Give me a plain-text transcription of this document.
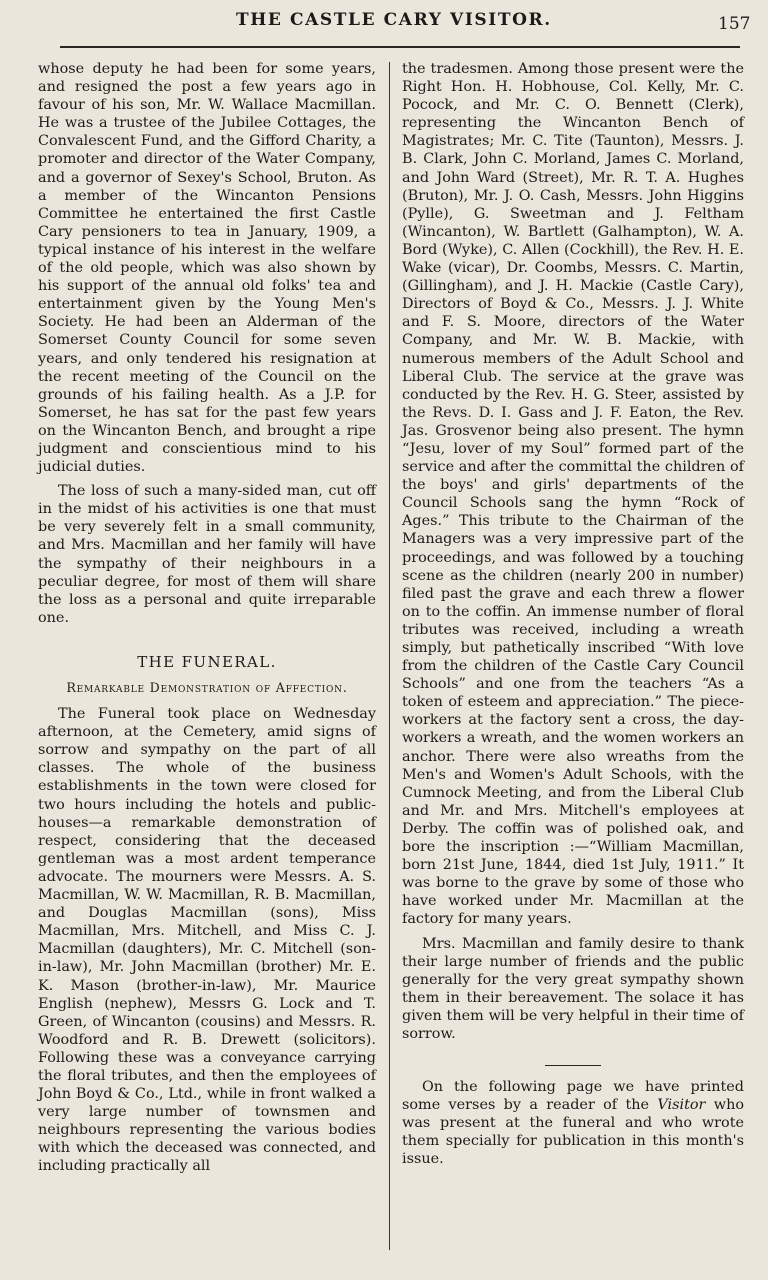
THE CASTLE CARY VISITOR.	157

whose deputy he had been for some years, and resigned the post a few years ago in favour of his son, Mr. W. Wallace Macmillan. He was a trustee of the Jubilee Cottages, the Convalescent Fund, and the Gifford Charity, a promoter and director of the Water Company, and a governor of Sexey's School, Bruton. As a member of the Wincanton Pensions Committee he entertained the first Castle Cary pensioners to tea in January, 1909, a typical instance of his interest in the welfare of the old people, which was also shown by his support of the annual old folks' tea and entertainment given by the Young Men's Society. He had been an Alderman of the Somerset County Council for some seven years, and only tendered his resignation at the recent meeting of the Council on the grounds of his failing health. As a J.P. for Somerset, he has sat for the past few years on the Wincanton Bench, and brought a ripe judgment and conscientious mind to his judicial duties.

The loss of such a many-sided man, cut off in the midst of his activities is one that must be very severely felt in a small community, and Mrs. Macmillan and her family will have the sympathy of their neighbours in a peculiar degree, for most of them will share the loss as a personal and quite irreparable one.

THE FUNERAL.
Remarkable Demonstration of Affection.

The Funeral took place on Wednesday afternoon, at the Cemetery, amid signs of sorrow and sympathy on the part of all classes. The whole of the business establishments in the town were closed for two hours including the hotels and public-houses—a remarkable demonstration of respect, considering that the deceased gentleman was a most ardent temperance advocate. The mourners were Messrs. A. S. Macmillan, W. W. Macmillan, R. B. Macmillan, and Douglas Macmillan (sons), Miss Macmillan, Mrs. Mitchell, and Miss C. J. Macmillan (daughters), Mr. C. Mitchell (son-in-law), Mr. John Macmillan (brother) Mr. E. K. Mason (brother-in-law), Mr. Maurice English (nephew), Messrs G. Lock and T. Green, of Wincanton (cousins) and Messrs. R. Woodford and R. B. Drewett (solicitors). Following these was a conveyance carrying the floral tributes, and then the employees of John Boyd & Co., Ltd., while in front walked a very large number of townsmen and neighbours representing the various bodies with which the deceased was connected, and including practically all

the tradesmen. Among those present were the Right Hon. H. Hobhouse, Col. Kelly, Mr. C. Pocock, and Mr. C. O. Bennett (Clerk), representing the Wincanton Bench of Magistrates; Mr. C. Tite (Taunton), Messrs. J. B. Clark, John C. Morland, James C. Morland, and John Ward (Street), Mr. R. T. A. Hughes (Bruton), Mr. J. O. Cash, Messrs. John Higgins (Pylle), G. Sweetman and J. Feltham (Wincanton), W. Bartlett (Galhampton), W. A. Bord (Wyke), C. Allen (Cockhill), the Rev. H. E. Wake (vicar), Dr. Coombs, Messrs. C. Martin, (Gillingham), and J. H. Mackie (Castle Cary), Directors of Boyd & Co., Messrs. J. J. White and F. S. Moore, directors of the Water Company, and Mr. W. B. Mackie, with numerous members of the Adult School and Liberal Club. The service at the grave was conducted by the Rev. H. G. Steer, assisted by the Revs. D. I. Gass and J. F. Eaton, the Rev. Jas. Grosvenor being also present. The hymn “Jesu, lover of my Soul” formed part of the service and after the committal the children of the boys' and girls' departments of the Council Schools sang the hymn “Rock of Ages.” This tribute to the Chairman of the Managers was a very impressive part of the proceedings, and was followed by a touching scene as the children (nearly 200 in number) filed past the grave and each threw a flower on to the coffin. An immense number of floral tributes was received, including a wreath simply, but pathetically inscribed “With love from the children of the Castle Cary Council Schools” and one from the teachers “As a token of esteem and appreciation.” The piece-workers at the factory sent a cross, the day-workers a wreath, and the women workers an anchor. There were also wreaths from the Men's and Women's Adult Schools, with the Cumnock Meeting, and from the Liberal Club and Mr. and Mrs. Mitchell's employees at Derby. The coffin was of polished oak, and bore the inscription :—“William Macmillan, born 21st June, 1844, died 1st July, 1911.” It was borne to the grave by some of those who have worked under Mr. Macmillan at the factory for many years.

Mrs. Macmillan and family desire to thank their large number of friends and the public generally for the very great sympathy shown them in their bereavement. The solace it has given them will be very helpful in their time of sorrow.

On the following page we have printed some verses by a reader of the Visitor who was present at the funeral and who wrote them specially for publication in this month's issue.
